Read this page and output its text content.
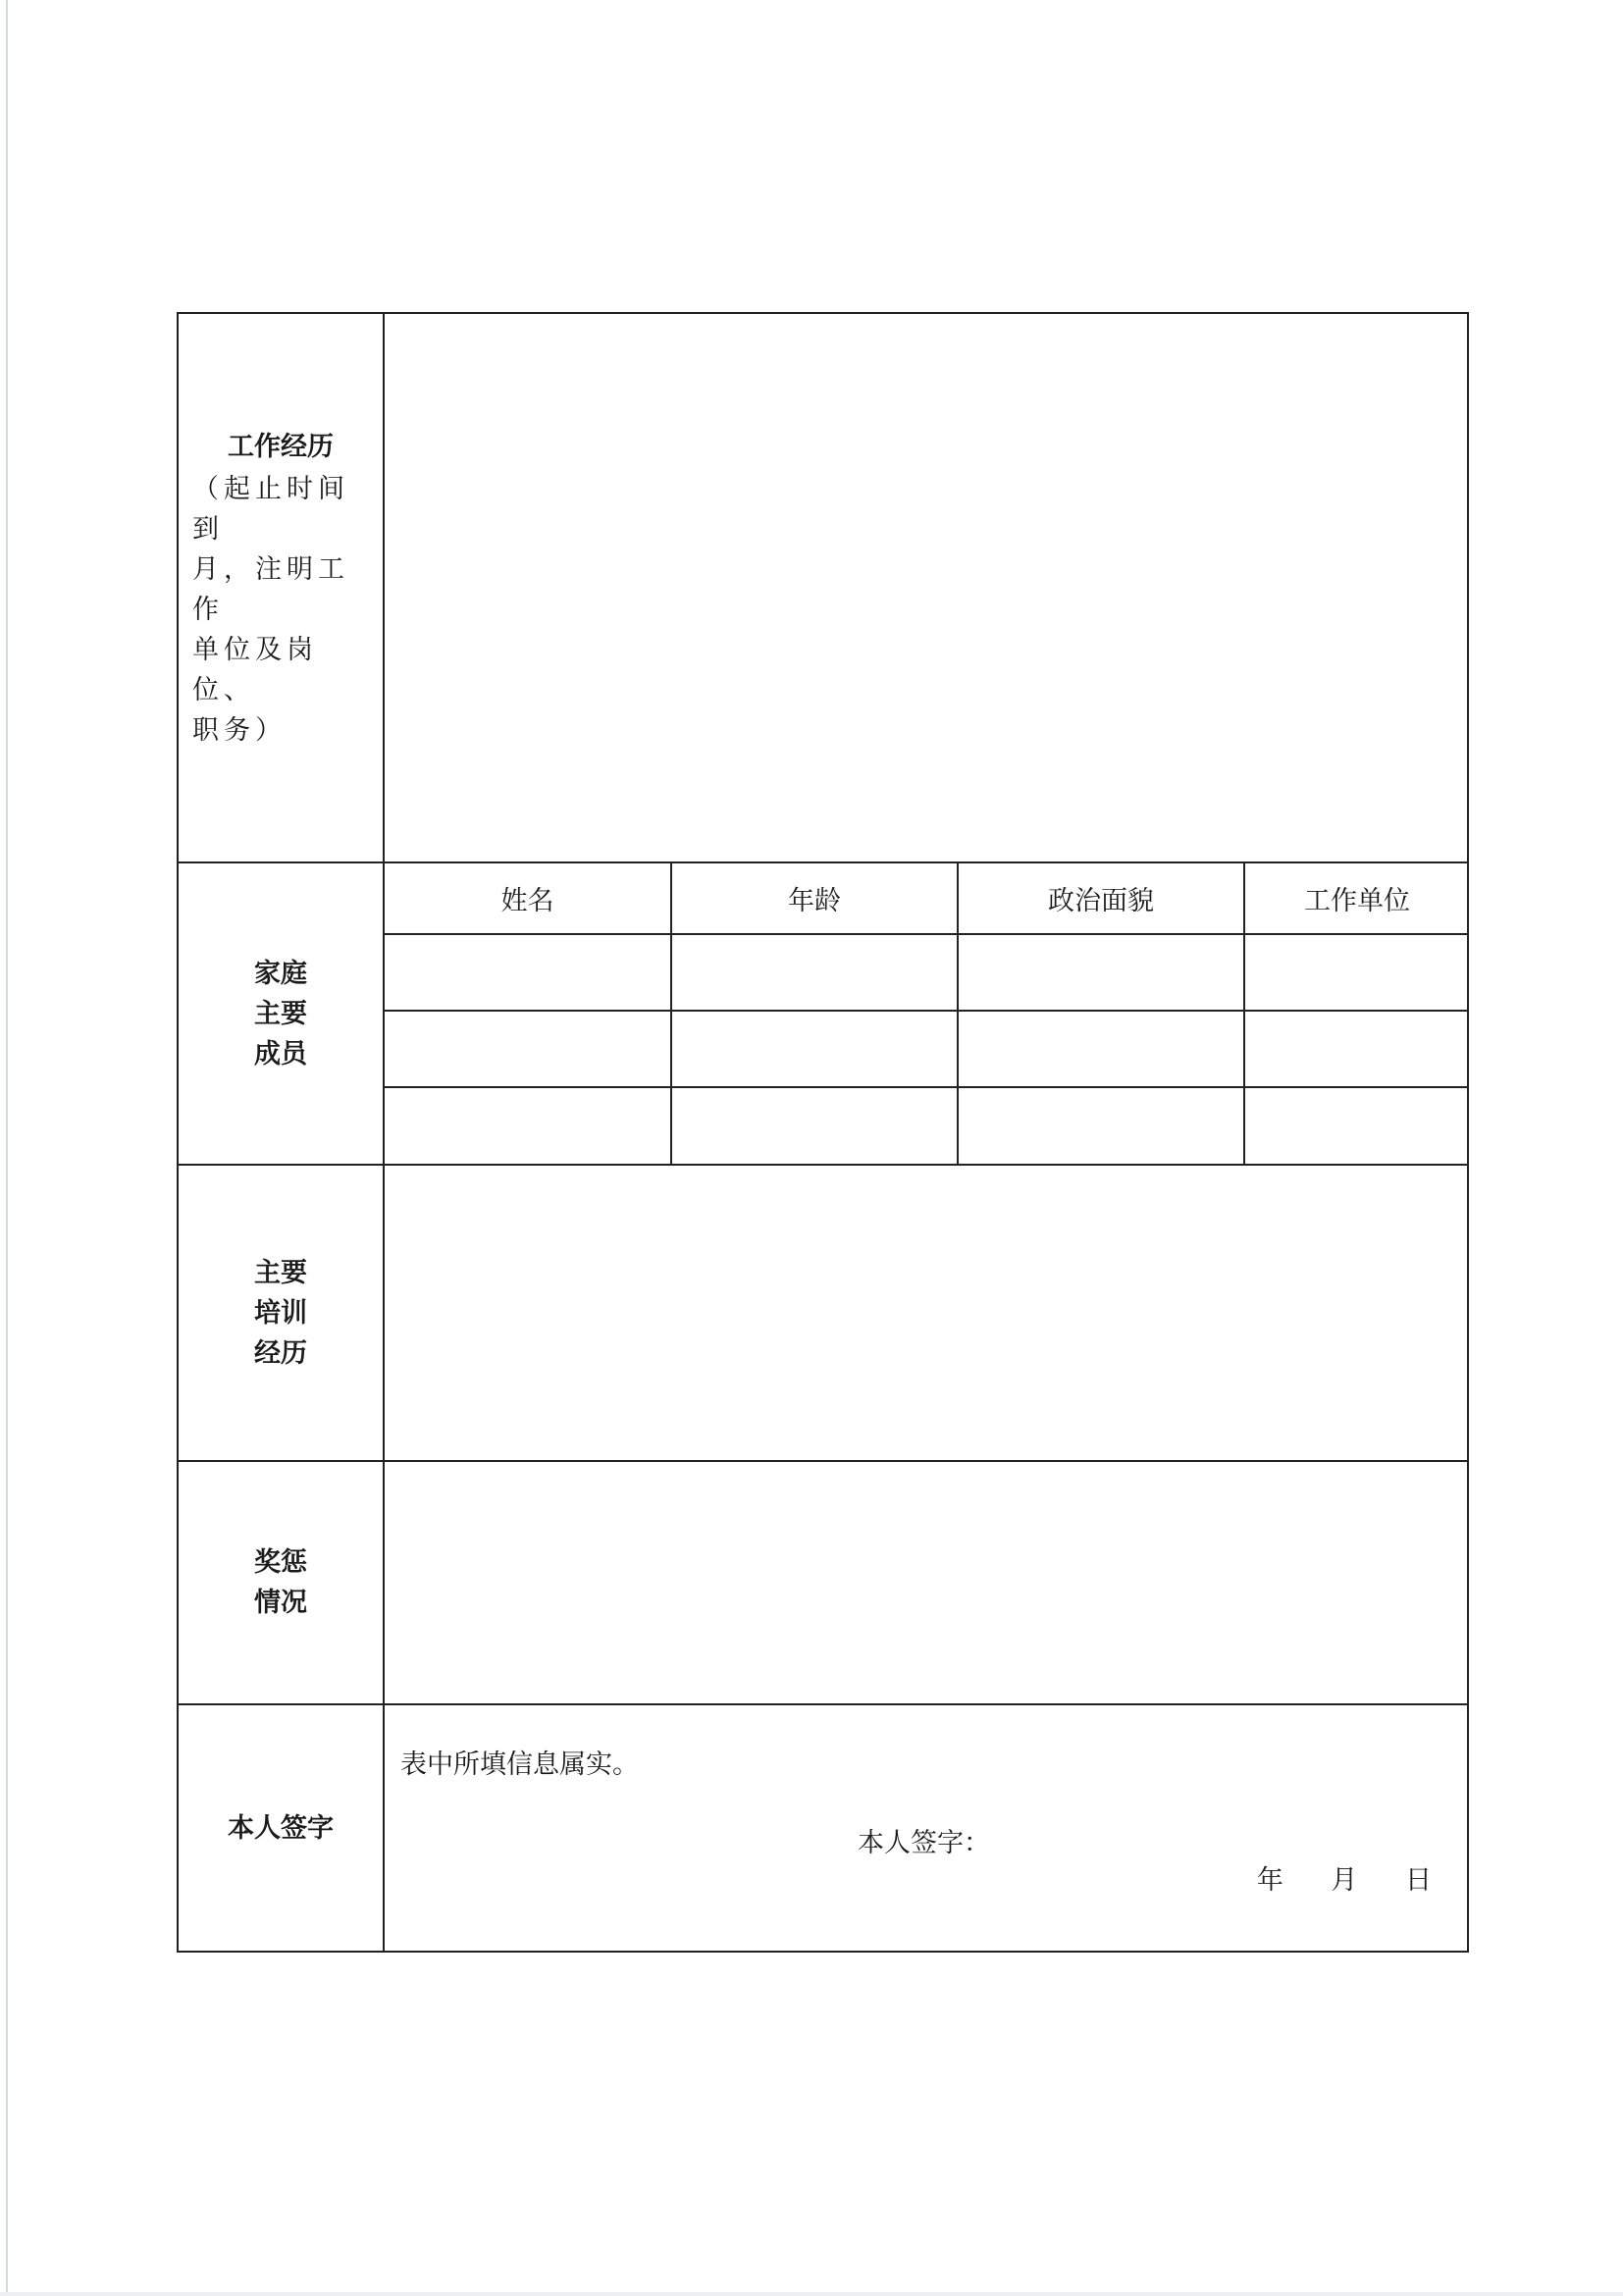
工作经历
（起止时间到
月，注明工作
单位及岗位、
职务）

家庭
主要
成员

姓名	年龄	政治面貌	工作单位

主要
培训
经历

奖惩
情况

本人签字

表中所填信息属实。
本人签字：
年 月 日
